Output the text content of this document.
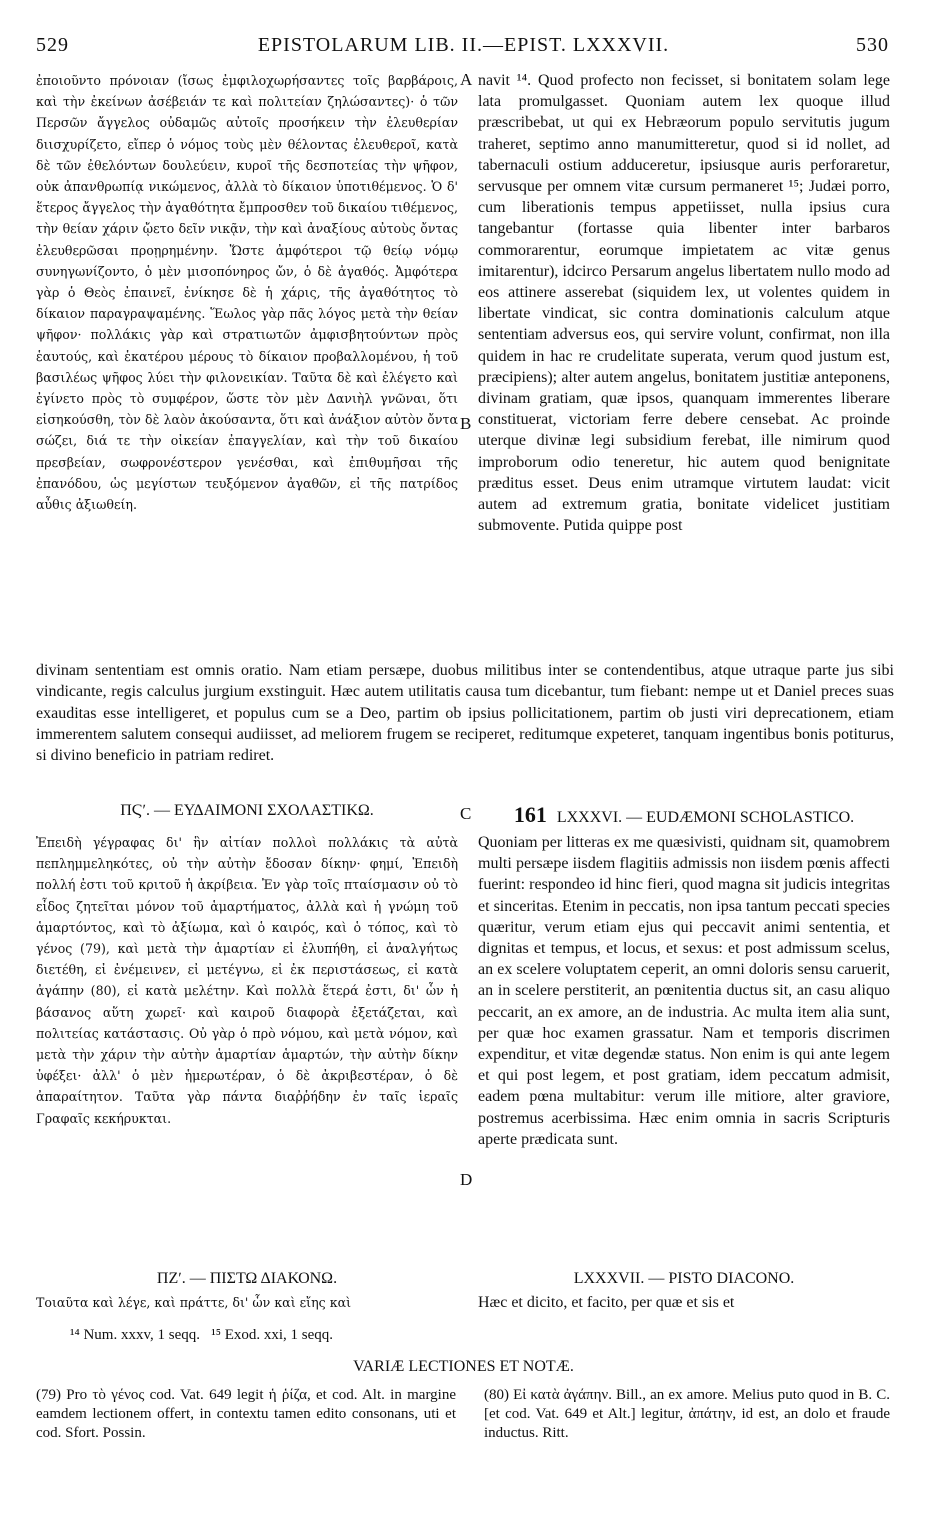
529	EPISTOLARUM LIB. II.—EPIST. LXXXVII.	530
ἐποιοῦντο πρόνοιαν (ἴσως ἐμφιλοχωρήσαντες τοῖς βαρβάροις, καὶ τὴν ἐκείνων ἀσέβειάν τε καὶ πολιτείαν ζηλώσαντες)· ὁ τῶν Περσῶν ἄγγελος οὐδαμῶς αὐτοῖς προσήκειν τὴν ἐλευθερίαν διισχυρίζετο, εἴπερ ὁ νόμος τοὺς μὲν θέλοντας ἐλευθεροῖ, κατὰ δὲ τῶν ἐθελόντων δουλεύειν, κυροῖ τῆς δεσποτείας τὴν ψῆφον, οὐκ ἀπανθρωπίᾳ νικώμενος, ἀλλὰ τὸ δίκαιον ὑποτιθέμενος. Ὁ δ' ἕτερος ἄγγελος τὴν ἀγαθότητα ἔμπροσθεν τοῦ δικαίου τιθέμενος, τὴν θείαν χάριν ᾤετο δεῖν νικᾷν, τὴν καὶ ἀναξίους αὐτοὺς ὄντας ἐλευθερῶσαι προῃρημένην. Ὥστε ἀμφότεροι τῷ θείῳ νόμῳ συνηγωνίζοντο, ὁ μὲν μισοπόνηρος ὤν, ὁ δὲ ἀγαθός. Ἀμφότερα γὰρ ὁ Θεὸς ἐπαινεῖ, ἐνίκησε δὲ ἡ χάρις, τῆς ἀγαθότητος τὸ δίκαιον παραγραψαμένης. Ἕωλος γὰρ πᾶς λόγος μετὰ τὴν θείαν ψῆφον· πολλάκις γὰρ καὶ στρατιωτῶν ἀμφισβητούντων πρὸς ἑαυτούς, καὶ ἑκατέρου μέρους τὸ δίκαιον προβαλλομένου, ἡ τοῦ βασιλέως ψῆφος λύει τὴν φιλονεικίαν. Ταῦτα δὲ καὶ ἐλέγετο καὶ ἐγίνετο πρὸς τὸ συμφέρον, ὥστε τὸν μὲν Δανιὴλ γνῶναι, ὅτι εἰσηκούσθη, τὸν δὲ λαὸν ἀκούσαντα, ὅτι καὶ ἀνάξιον αὐτὸν ὄντα σώζει, διά τε τὴν οἰκείαν ἐπαγγελίαν, καὶ τὴν τοῦ δικαίου πρεσβείαν, σωφρονέστερον γενέσθαι, καὶ ἐπιθυμῆσαι τῆς ἐπανόδου, ὡς μεγίστων τευξόμενον ἀγαθῶν, εἰ τῆς πατρίδος αὖθις ἀξιωθείη.
A navit ¹⁴. Quod profecto non fecisset, si bonitatem solam lege lata promulgasset. Quoniam autem lex quoque illud præscribebat, ut qui ex Hebræorum populo servitutis jugum traheret, septimo anno manumitteretur, quod si id nollet, ad tabernaculi ostium adduceretur, ipsiusque auris perforaretur, servusque per omnem vitæ cursum permaneret ¹⁵; Judæi porro, cum liberationis tempus appetiisset, nulla ipsius cura tangebantur (fortasse quia libenter inter barbaros commorarentur, eorumque impietatem ac vitæ genus imitarentur), idcirco Persarum angelus libertatem nullo modo ad eos attinere asserebat (siquidem lex, ut volentes quidem in libertate vindicat, sic contra dominationis calculum atque sententiam adversus eos, qui servire volunt, confirmat, non illa quidem in hac re crudelitate superata, verum quod justum est, præcipiens); alter autem angelus, bonitatem justitiæ anteponens, divinam gratiam, quæ ipsos, quanquam immerentes liberare constituerat, victoriam ferre debere censebat. Ac proinde uterque divinæ legi subsidium ferebat, ille nimirum quod improborum odio teneretur, hic autem quod benignitate præditus esset. Deus enim utramque virtutem laudat: vicit autem ad extremum gratia, bonitate videlicet justitiam submovente. Putida quippe post
B
divinam sententiam est omnis oratio. Nam etiam persæpe, duobus militibus inter se contendentibus, atque utraque parte jus sibi vindicante, regis calculus jurgium exstinguit. Hæc autem utilitatis causa tum dicebantur, tum fiebant: nempe ut et Daniel preces suas exauditas esse intelligeret, et populus cum se a Deo, partim ob ipsius pollicitationem, partim ob justi viri deprecationem, etiam immerentem salutem consequi audiisset, ad meliorem frugem se reciperet, reditumque expeteret, tanquam ingentibus bonis potiturus, si divino beneficio in patriam rediret.
ΠϚʹ. — ΕΥΔΑΙΜΟΝΙ ΣΧΟΛΑΣΤΙΚΩ.	C	161 LXXXVI. — EUDÆMONI SCHOLASTICO.
Ἐπειδὴ γέγραφας δι' ἣν αἰτίαν πολλοὶ πολλάκις τὰ αὐτὰ πεπλημμεληκότες, οὐ τὴν αὐτὴν ἔδοσαν δίκην· φημί, Ἐπειδὴ πολλή ἐστι τοῦ κριτοῦ ἡ ἀκρίβεια. Ἐν γὰρ τοῖς πταίσμασιν οὐ τὸ εἶδος ζητεῖται μόνον τοῦ ἁμαρτήματος, ἀλλὰ καὶ ἡ γνώμη τοῦ ἁμαρτόντος, καὶ τὸ ἀξίωμα, καὶ ὁ καιρός, καὶ ὁ τόπος, καὶ τὸ γένος (79), καὶ μετὰ τὴν ἁμαρτίαν εἰ ἐλυπήθη, εἰ ἀναλγήτως διετέθη, εἰ ἐνέμεινεν, εἰ μετέγνω, εἰ ἐκ περιστάσεως, εἰ κατὰ ἀγάπην (80), εἰ κατὰ μελέτην. Καὶ πολλὰ ἕτερά ἐστι, δι' ὧν ἡ βάσανος αὕτη χωρεῖ· καὶ καιροῦ διαφορὰ ἐξετάζεται, καὶ πολιτείας κατάστασις. Οὐ γὰρ ὁ πρὸ νόμου, καὶ μετὰ νόμον, καὶ μετὰ τὴν χάριν τὴν αὐτὴν ἁμαρτίαν ἁμαρτών, τὴν αὐτὴν δίκην ὑφέξει· ἀλλ' ὁ μὲν ἡμερωτέραν, ὁ δὲ ἀκριβεστέραν, ὁ δὲ ἀπαραίτητον. Ταῦτα γὰρ πάντα διαῤῥήδην ἐν ταῖς ἱεραῖς Γραφαῖς κεκήρυκται.
Quoniam per litteras ex me quæsivisti, quidnam sit, quamobrem multi persæpe iisdem flagitiis admissis non iisdem pœnis affecti fuerint: respondeo id hinc fieri, quod magna sit judicis integritas et sinceritas. Etenim in peccatis, non ipsa tantum peccati species quæritur, verum etiam ejus qui peccavit animi sententia, et dignitas et tempus, et locus, et sexus: et post admissum scelus, an ex scelere voluptatem ceperit, an omni doloris sensu caruerit, an in scelere perstiterit, an pœnitentia ductus sit, an casu aliquo peccarit, an ex amore, an de industria. Ac multa item alia sunt, per quæ hoc examen grassatur. Nam et temporis discrimen expenditur, et vitæ degendæ status. Non enim is qui ante legem et qui post legem, et post gratiam, idem peccatum admisit, eadem pœna multabitur: verum ille mitiore, alter graviore, postremus acerbissima. Hæc enim omnia in sacris Scripturis aperte prædicata sunt.
D
ΠΖʹ. — ΠΙΣΤΩ ΔΙΑΚΟΝΩ.	LXXXVII. — PISTO DIACONO.
Τοιαῦτα καὶ λέγε, καὶ πράττε, δι' ὧν καὶ εἴης καὶ	Hæc et dicito, et facito, per quæ et sis et
¹⁴ Num. xxxv, 1 seqq.   ¹⁵ Exod. xxi, 1 seqq.
VARIÆ LECTIONES ET NOTÆ.
(79) Pro τὸ γένος cod. Vat. 649 legit ἡ ῥίζα, et cod. Alt. in margine eamdem lectionem offert, in contextu tamen edito consonans, uti et cod. Sfort. Possin.
(80) Εἰ κατὰ ἀγάπην. Bill., an ex amore. Melius puto quod in B. C. [et cod. Vat. 649 et Alt.] legitur, ἀπάτην, id est, an dolo et fraude inductus. Ritt.
